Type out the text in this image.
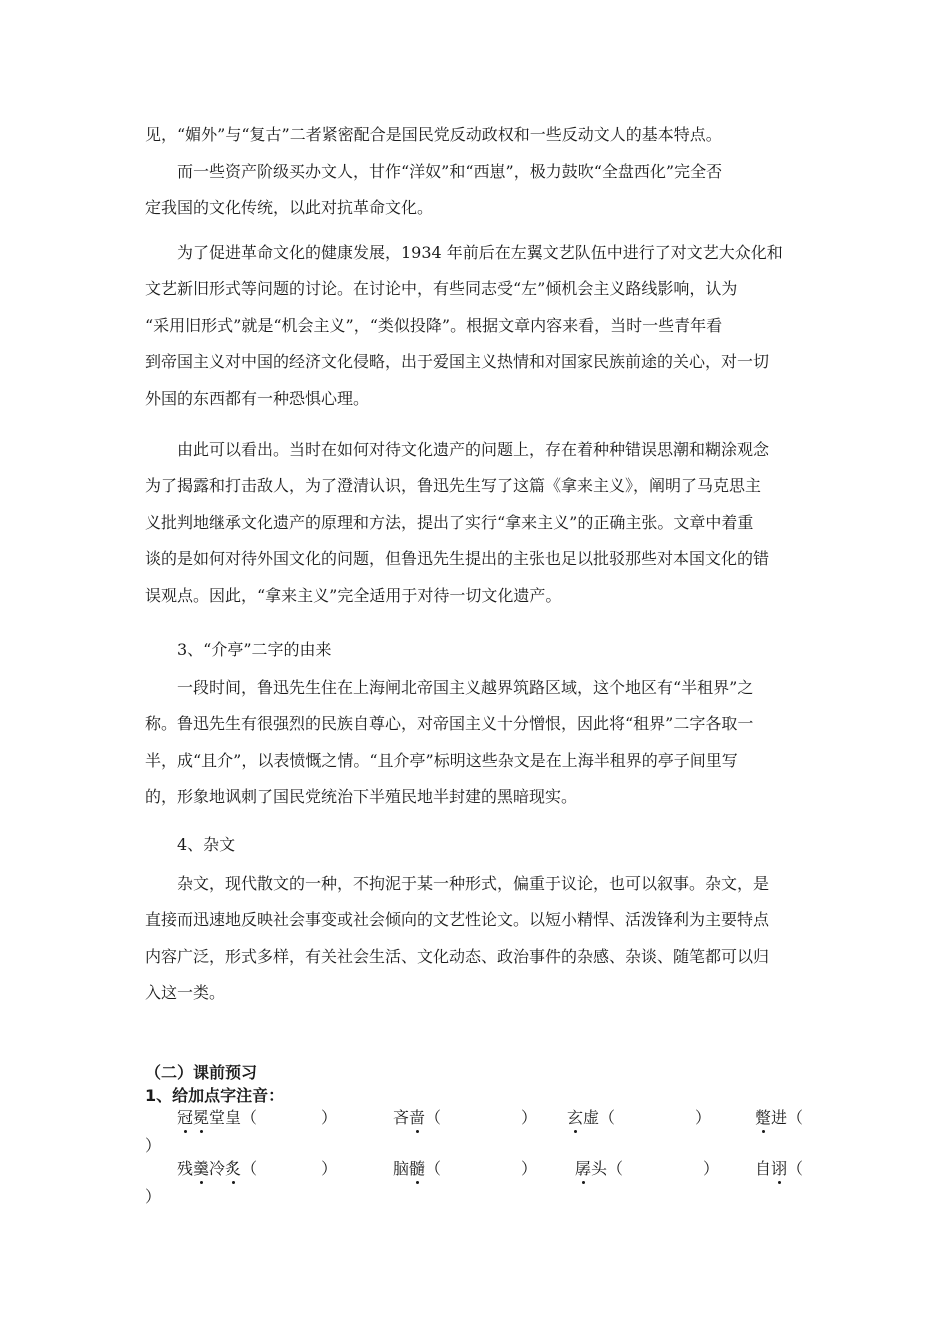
见，“媚外”与“复古”二者紧密配合是国民党反动政权和一些反动文人的基本特点。
　　而一些资产阶级买办文人，甘作“洋奴”和“西崽”，极力鼓吹“全盘西化”完全否
定我国的文化传统，以此对抗革命文化。
　　为了促进革命文化的健康发展，1934 年前后在左翼文艺队伍中进行了对文艺大众化和
文艺新旧形式等问题的讨论。在讨论中，有些同志受“左”倾机会主义路线影响，认为
“采用旧形式”就是“机会主义”，“类似投降”。根据文章内容来看，当时一些青年看
到帝国主义对中国的经济文化侵略，出于爱国主义热情和对国家民族前途的关心，对一切
外国的东西都有一种恐惧心理。
　　由此可以看出。当时在如何对待文化遗产的问题上，存在着种种错误思潮和糊涂观念
为了揭露和打击敌人，为了澄清认识，鲁迅先生写了这篇《拿来主义》，阐明了马克思主
义批判地继承文化遗产的原理和方法，提出了实行“拿来主义”的正确主张。文章中着重
谈的是如何对待外国文化的问题，但鲁迅先生提出的主张也足以批驳那些对本国文化的错
误观点。因此，“拿来主义”完全适用于对待一切文化遗产。
　　3、“介亭”二字的由来
　　一段时间，鲁迅先生住在上海闸北帝国主义越界筑路区域，这个地区有“半租界”之
称。鲁迅先生有很强烈的民族自尊心，对帝国主义十分憎恨，因此将“租界”二字各取一
半，成“且介”，以表愤慨之情。“且介亭”标明这些杂文是在上海半租界的亭子间里写
的，形象地讽刺了国民党统治下半殖民地半封建的黑暗现实。
　　4、杂文
　　杂文，现代散文的一种，不拘泥于某一种形式，偏重于议论，也可以叙事。杂文，是
直接而迅速地反映社会事变或社会倾向的文艺性论文。以短小精悍、活泼锋利为主要特点
内容广泛，形式多样，有关社会生活、文化动态、政治事件的杂感、杂谈、随笔都可以归
入这一类。

（二）课前预习

1、给加点字注音：

冠冕堂皇（　　　　）	吝啬（　　　　　） 玄虚（　　　　　）	蹩进（
）
残羹冷炙（　　　　）	脑髓（　　　　　） 孱头（　　　　　） 自诩（
）
